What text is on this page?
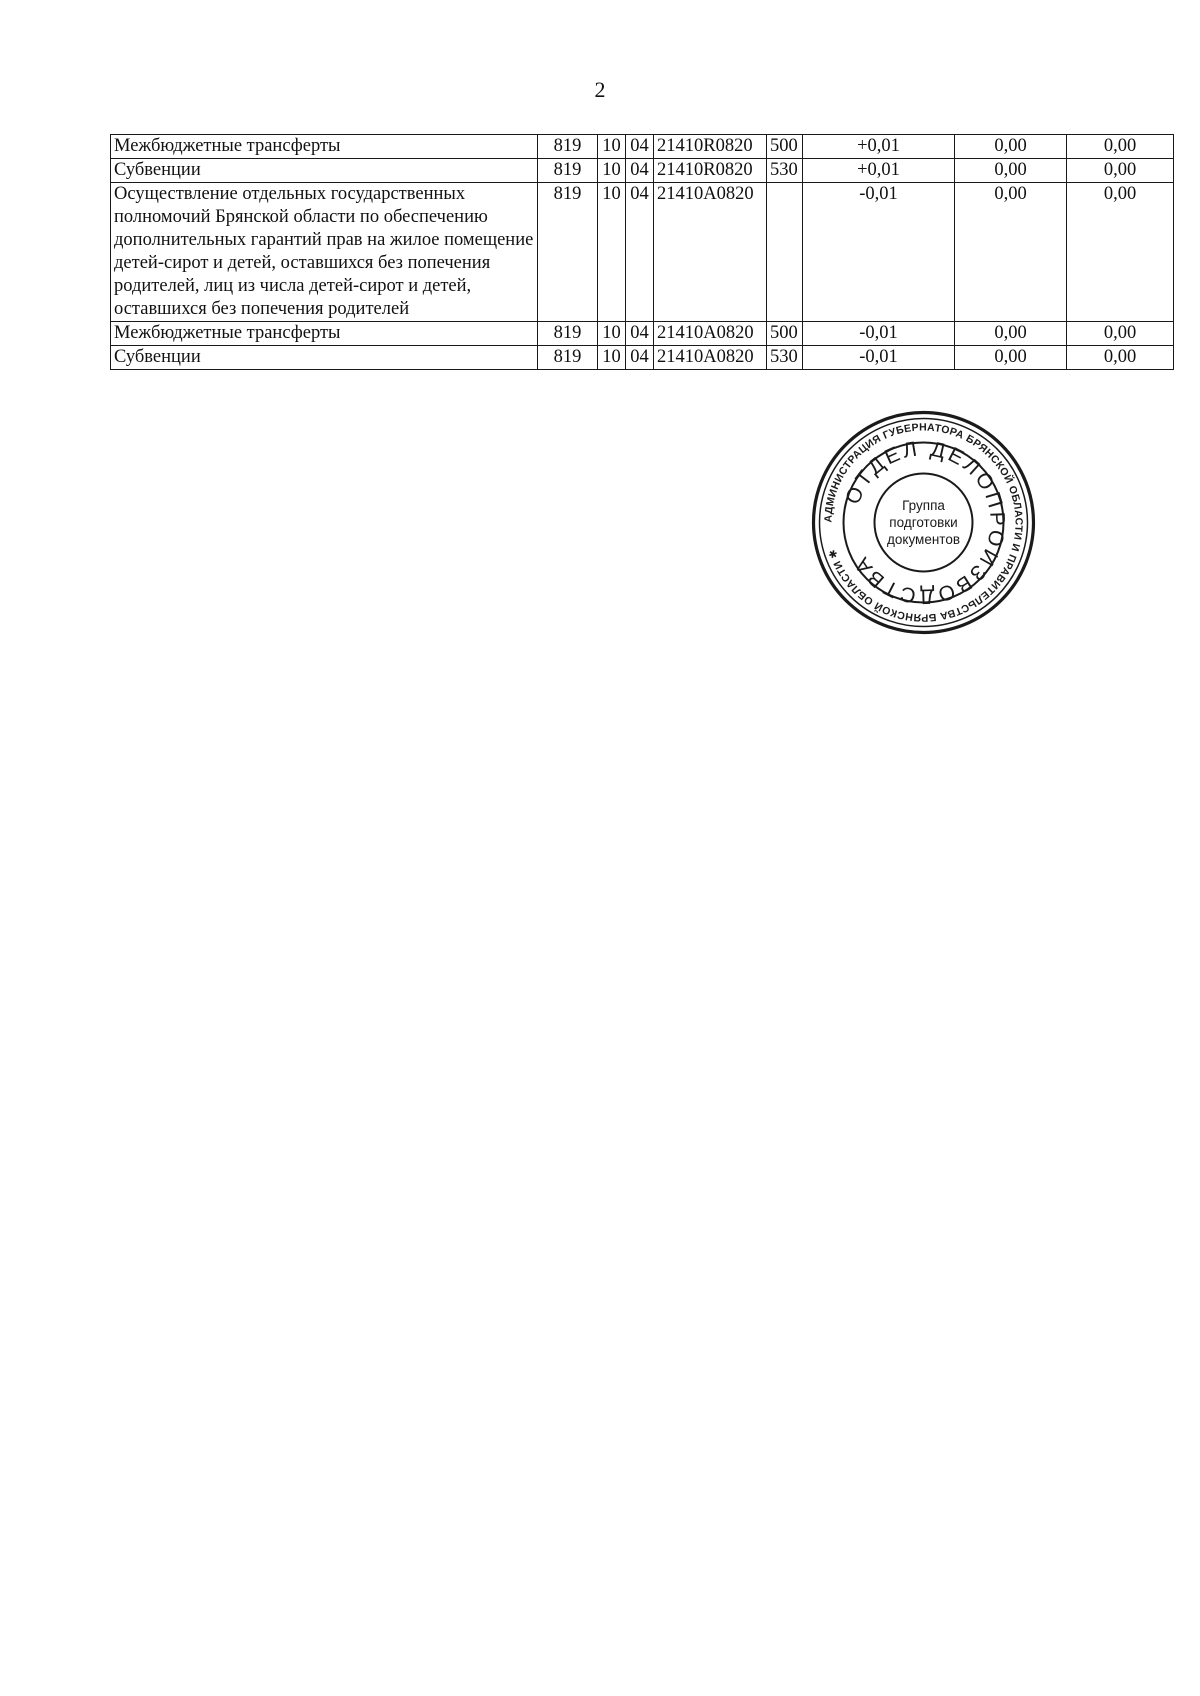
2
Межбюджетные трансферты	819	10	04	21410R0820	500	+0,01	0,00	0,00
Субвенции	819	10	04	21410R0820	530	+0,01	0,00	0,00
Осуществление отдельных государственных полномочий Брянской области по обеспечению дополнительных гарантий прав на жилое помещение детей-сирот и детей, оставшихся без попечения родителей, лиц из числа детей-сирот и детей, оставшихся без попечения родителей	819	10	04	21410A0820		-0,01	0,00	0,00
Межбюджетные трансферты	819	10	04	21410A0820	500	-0,01	0,00	0,00
Субвенции	819	10	04	21410A0820	530	-0,01	0,00	0,00
АДМИНИСТРАЦИЯ ГУБЕРНАТОРА БРЯНСКОЙ ОБЛАСТИ И ПРАВИТЕЛЬСТВА БРЯНСКОЙ ОБЛАСТИ ✱
ОТДЕЛ ДЕЛОПРОИЗВОДСТВА
Группа
подготовки
документов
